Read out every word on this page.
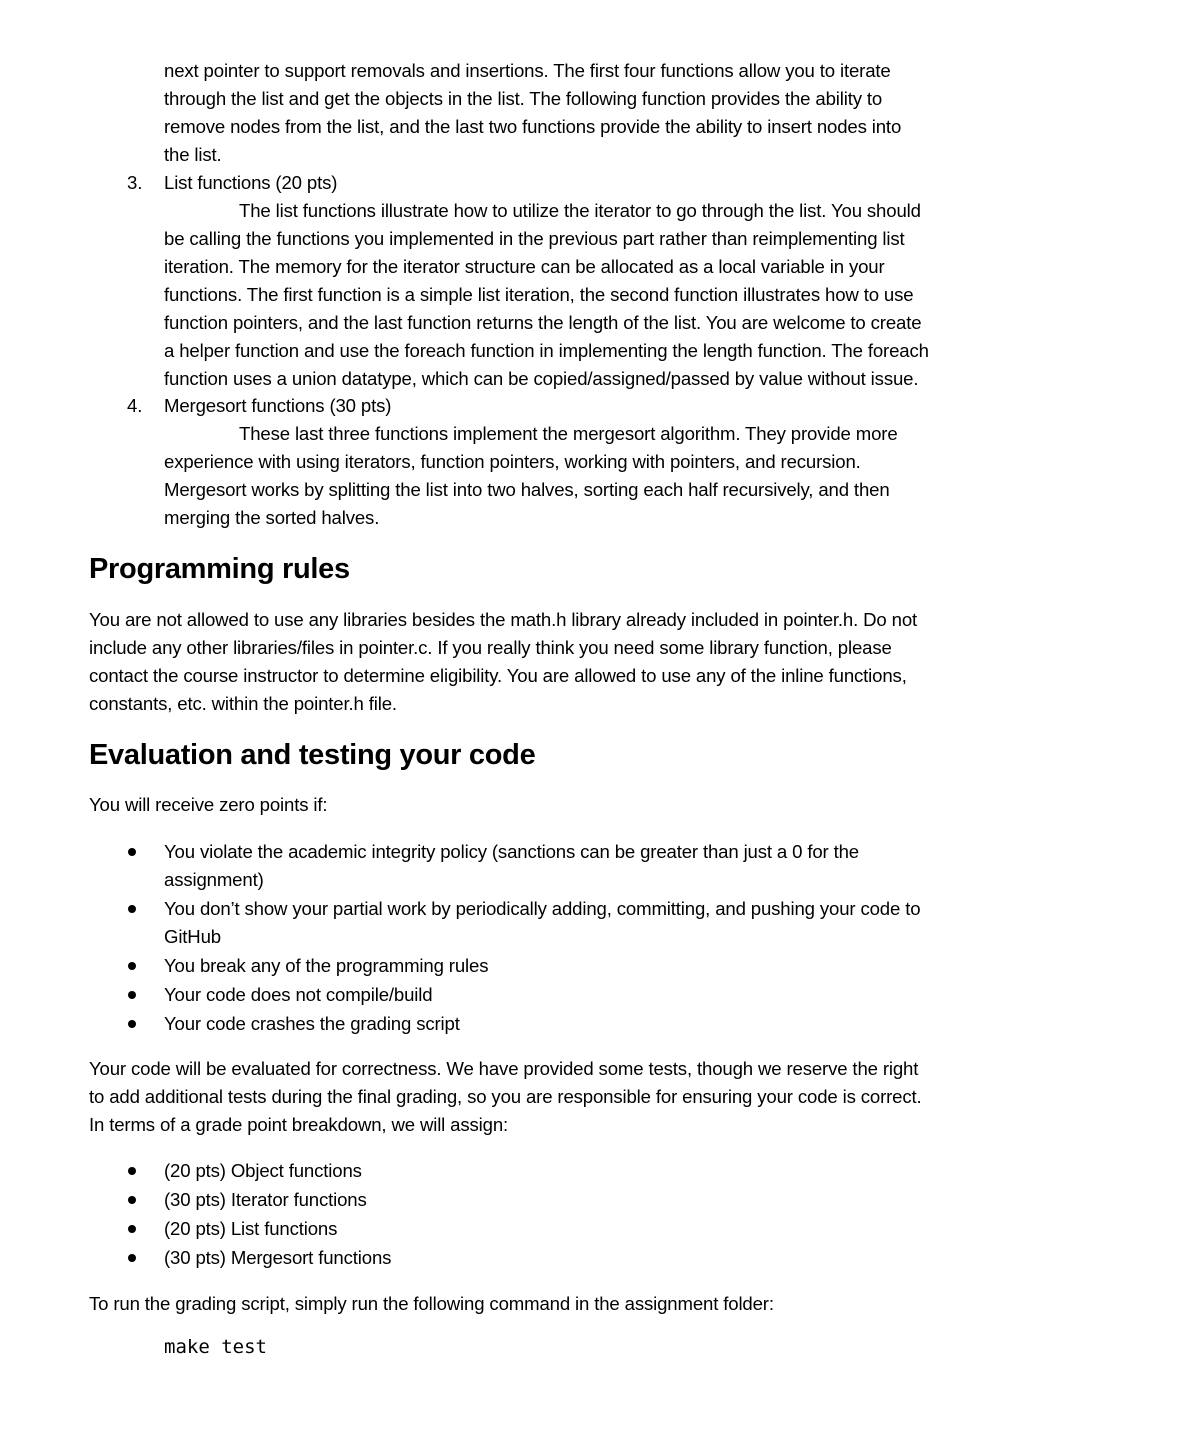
next pointer to support removals and insertions. The first four functions allow you to iterate
through the list and get the objects in the list. The following function provides the ability to
remove nodes from the list, and the last two functions provide the ability to insert nodes into
the list.
3. List functions (20 pts)
The list functions illustrate how to utilize the iterator to go through the list. You should
be calling the functions you implemented in the previous part rather than reimplementing list
iteration. The memory for the iterator structure can be allocated as a local variable in your
functions. The first function is a simple list iteration, the second function illustrates how to use
function pointers, and the last function returns the length of the list. You are welcome to create
a helper function and use the foreach function in implementing the length function. The foreach
function uses a union datatype, which can be copied/assigned/passed by value without issue.
4. Mergesort functions (30 pts)
These last three functions implement the mergesort algorithm. They provide more
experience with using iterators, function pointers, working with pointers, and recursion.
Mergesort works by splitting the list into two halves, sorting each half recursively, and then
merging the sorted halves.
Programming rules
You are not allowed to use any libraries besides the math.h library already included in pointer.h. Do not
include any other libraries/files in pointer.c. If you really think you need some library function, please
contact the course instructor to determine eligibility. You are allowed to use any of the inline functions,
constants, etc. within the pointer.h file.
Evaluation and testing your code
You will receive zero points if:
You violate the academic integrity policy (sanctions can be greater than just a 0 for the
assignment)
You don’t show your partial work by periodically adding, committing, and pushing your code to
GitHub
You break any of the programming rules
Your code does not compile/build
Your code crashes the grading script
Your code will be evaluated for correctness. We have provided some tests, though we reserve the right
to add additional tests during the final grading, so you are responsible for ensuring your code is correct.
In terms of a grade point breakdown, we will assign:
(20 pts) Object functions
(30 pts) Iterator functions
(20 pts) List functions
(30 pts) Mergesort functions
To run the grading script, simply run the following command in the assignment folder:
make test
